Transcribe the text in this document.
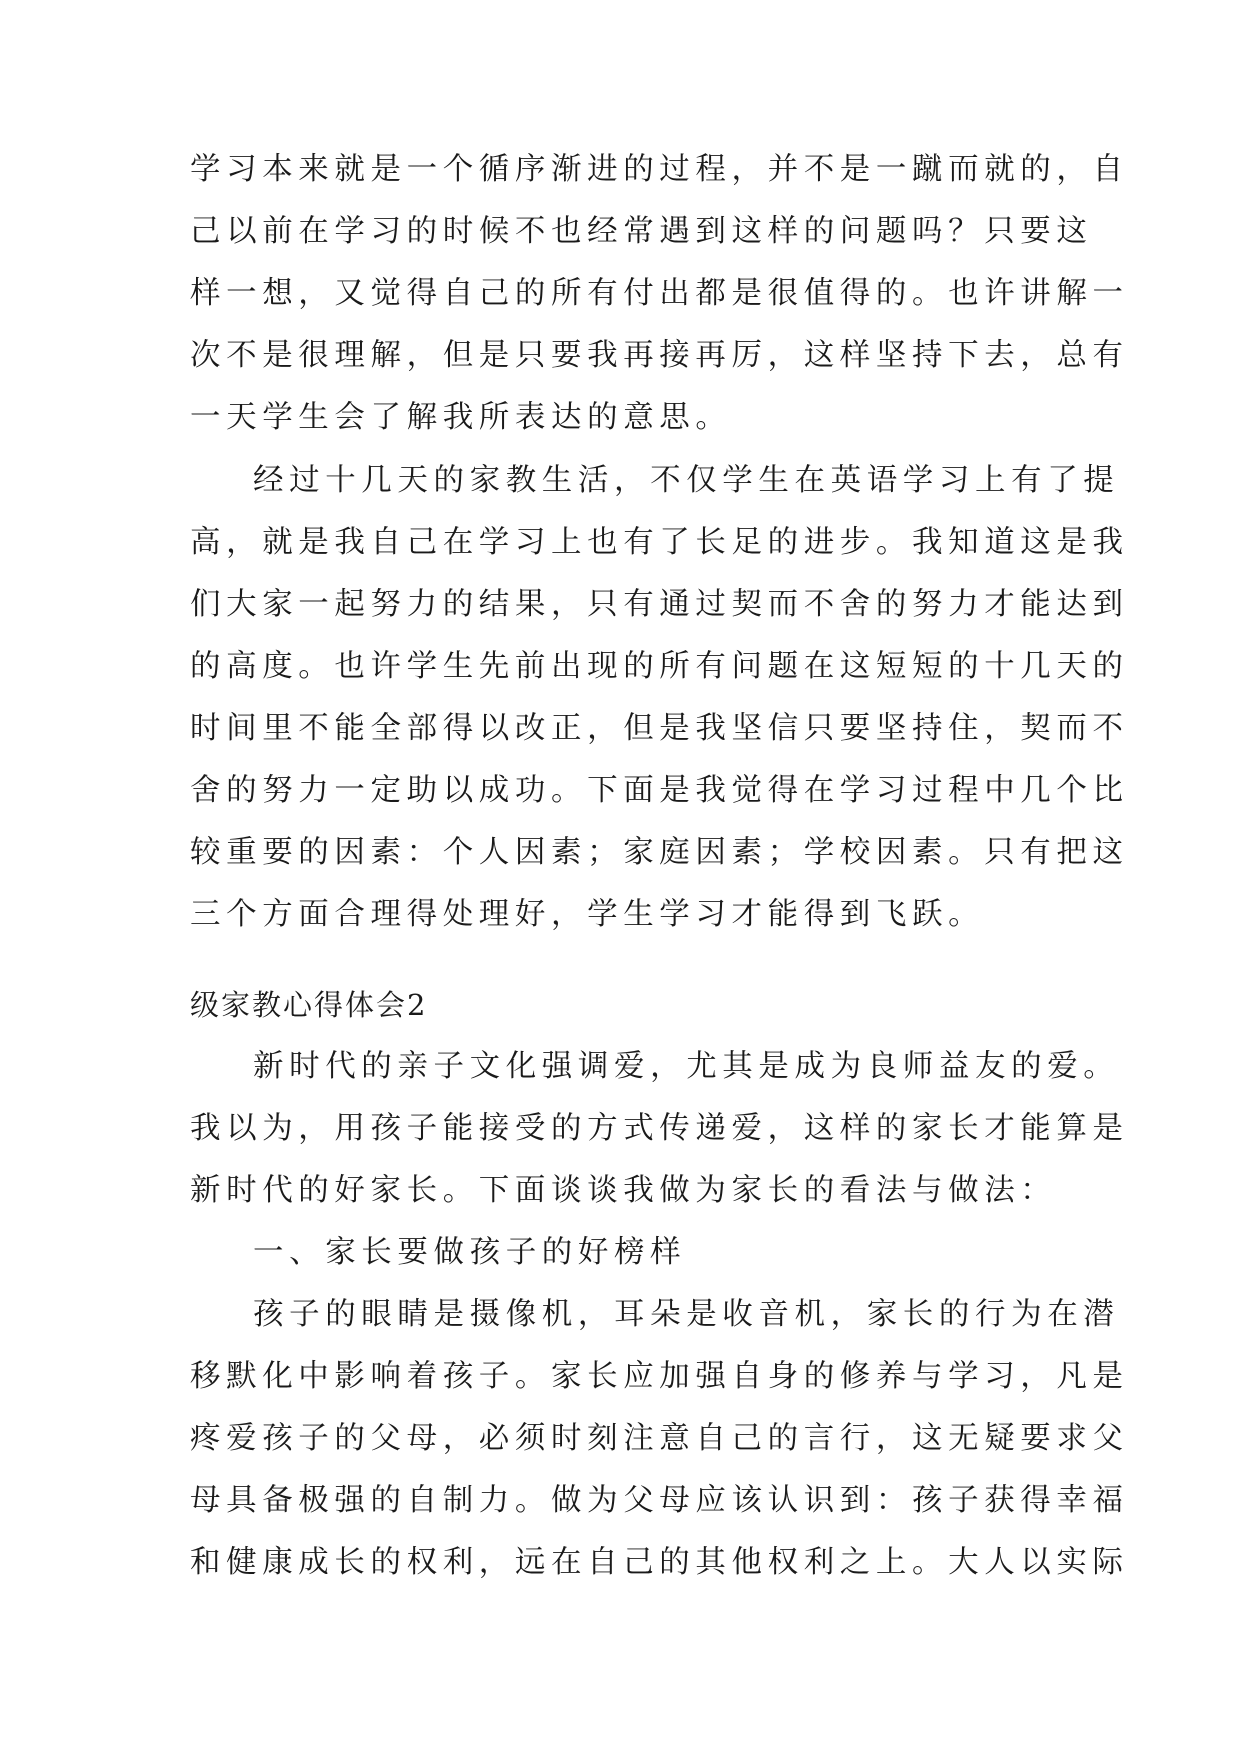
学习本来就是一个循序渐进的过程，并不是一蹴而就的，自
己以前在学习的时候不也经常遇到这样的问题吗？只要这
样一想，又觉得自己的所有付出都是很值得的。也许讲解一
次不是很理解，但是只要我再接再厉，这样坚持下去，总有
一天学生会了解我所表达的意思。
经过十几天的家教生活，不仅学生在英语学习上有了提
高，就是我自己在学习上也有了长足的进步。我知道这是我
们大家一起努力的结果，只有通过契而不舍的努力才能达到
的高度。也许学生先前出现的所有问题在这短短的十几天的
时间里不能全部得以改正，但是我坚信只要坚持住，契而不
舍的努力一定助以成功。下面是我觉得在学习过程中几个比
较重要的因素：个人因素；家庭因素；学校因素。只有把这
三个方面合理得处理好，学生学习才能得到飞跃。
级家教心得体会2
新时代的亲子文化强调爱，尤其是成为良师益友的爱。
我以为，用孩子能接受的方式传递爱，这样的家长才能算是
新时代的好家长。下面谈谈我做为家长的看法与做法：
一、家长要做孩子的好榜样
孩子的眼睛是摄像机，耳朵是收音机，家长的行为在潜
移默化中影响着孩子。家长应加强自身的修养与学习，凡是
疼爱孩子的父母，必须时刻注意自己的言行，这无疑要求父
母具备极强的自制力。做为父母应该认识到：孩子获得幸福
和健康成长的权利，远在自己的其他权利之上。大人以实际
